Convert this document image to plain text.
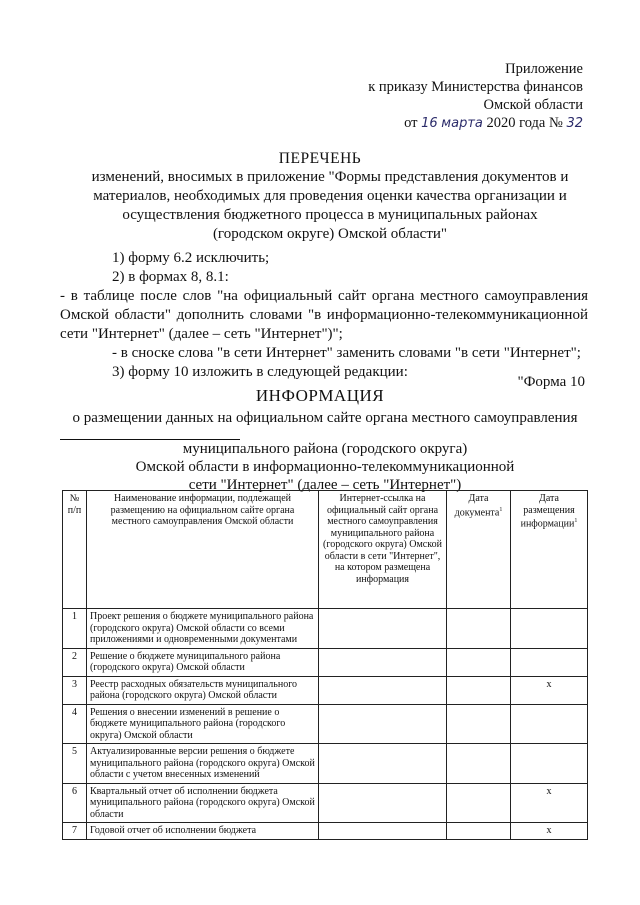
Приложение
к приказу Министерства финансов
Омской области
от 16 марта 2020 года № 32
ПЕРЕЧЕНЬ
изменений, вносимых в приложение "Формы представления документов и
материалов, необходимых для проведения оценки качества организации и
осуществления бюджетного процесса в муниципальных районах
(городском округе) Омской области"
1) форму 6.2 исключить;
2) в формах 8, 8.1:
- в таблице после слов "на официальный сайт органа местного самоуправления Омской области" дополнить словами "в информационно-телекоммуникационной сети "Интернет" (далее – сеть "Интернет")";
- в сноске слова "в сети Интернет" заменить словами "в сети "Интернет";
3) форму 10 изложить в следующей редакции:
"Форма 10
ИНФОРМАЦИЯ
о размещении данных на официальном сайте органа местного самоуправления
муниципального района (городского округа)
Омской области в информационно-телекоммуникационной
сети "Интернет" (далее – сеть "Интернет")
№ п/п	Наименование информации, подлежащей размещению на официальном сайте органа местного самоуправления Омской области	Интернет-ссылка на официальный сайт органа местного самоуправления муниципального района (городского округа) Омской области в сети "Интернет", на котором размещена информация	Дата документа$^1$	Дата размещения информации$^1$
1	Проект решения о бюджете муниципального района (городского округа) Омской области со всеми приложениями и одновременными документами			
2	Решение о бюджете муниципального района (городского округа) Омской области			
3	Реестр расходных обязательств муниципального района (городского округа) Омской области			x
4	Решения о внесении изменений в решение о бюджете муниципального района (городского округа) Омской области			
5	Актуализированные версии решения о бюджете муниципального района (городского округа) Омской области с учетом внесенных изменений			
6	Квартальный отчет об исполнении бюджета муниципального района (городского округа) Омской области			x
7	Годовой отчет об исполнении бюджета			x
